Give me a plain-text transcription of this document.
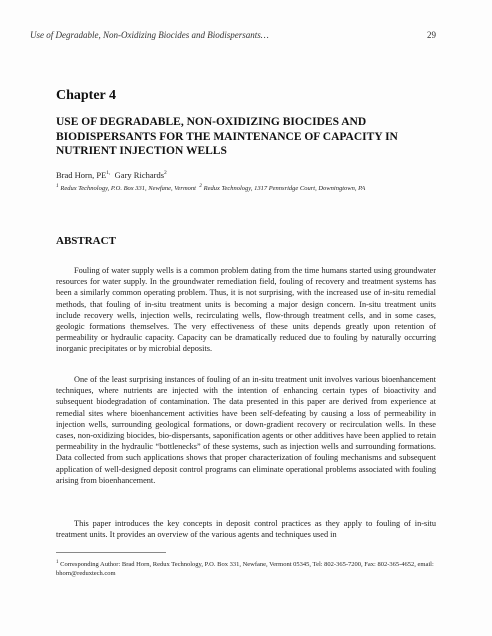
Use of Degradable, Non-Oxidizing Biocides and Biodispersants…	29
Chapter 4
USE OF DEGRADABLE, NON-OXIDIZING BIOCIDES AND BIODISPERSANTS FOR THE MAINTENANCE OF CAPACITY IN NUTRIENT INJECTION WELLS
Brad Horn, $PE^{1,}$ Gary Richards$^2$
$^1$ Redux Technology, P.O. Box 331, Newfane, Vermont $^2$ Redux Technology, 1317 Pennsridge Court, Downingtown, PA
ABSTRACT

Fouling of water supply wells is a common problem dating from the time humans started using groundwater resources for water supply. In the groundwater remediation field, fouling of recovery and treatment systems has been a similarly common operating problem. Thus, it is not surprising, with the increased use of in-situ remedial methods, that fouling of in-situ treatment units is becoming a major design concern. In-situ treatment units include recovery wells, injection wells, recirculating wells, flow-through treatment cells, and in some cases, geologic formations themselves. The very effectiveness of these units depends greatly upon retention of permeability or hydraulic capacity. Capacity can be dramatically reduced due to fouling by naturally occurring inorganic precipitates or by microbial deposits.

One of the least surprising instances of fouling of an in-situ treatment unit involves various bioenhancement techniques, where nutrients are injected with the intention of enhancing certain types of bioactivity and subsequent biodegradation of contamination. The data presented in this paper are derived from experience at remedial sites where bioenhancement activities have been self-defeating by causing a loss of permeability in injection wells, surrounding geological formations, or down-gradient recovery or recirculation wells. In these cases, non-oxidizing biocides, bio-dispersants, saponification agents or other additives have been applied to retain permeability in the hydraulic “bottlenecks” of these systems, such as injection wells and surrounding formations. Data collected from such applications shows that proper characterization of fouling mechanisms and subsequent application of well-designed deposit control programs can eliminate operational problems associated with fouling arising from bioenhancement.

This paper introduces the key concepts in deposit control practices as they apply to fouling of in-situ treatment units. It provides an overview of the various agents and techniques used in

$^1$ Corresponding Author: Brad Horn, Redux Technology, P.O. Box 331, Newfane, Vermont 05345, Tel: 802-365-7200, Fax: 802-365-4652, email: bhorn@reduxtech.com
